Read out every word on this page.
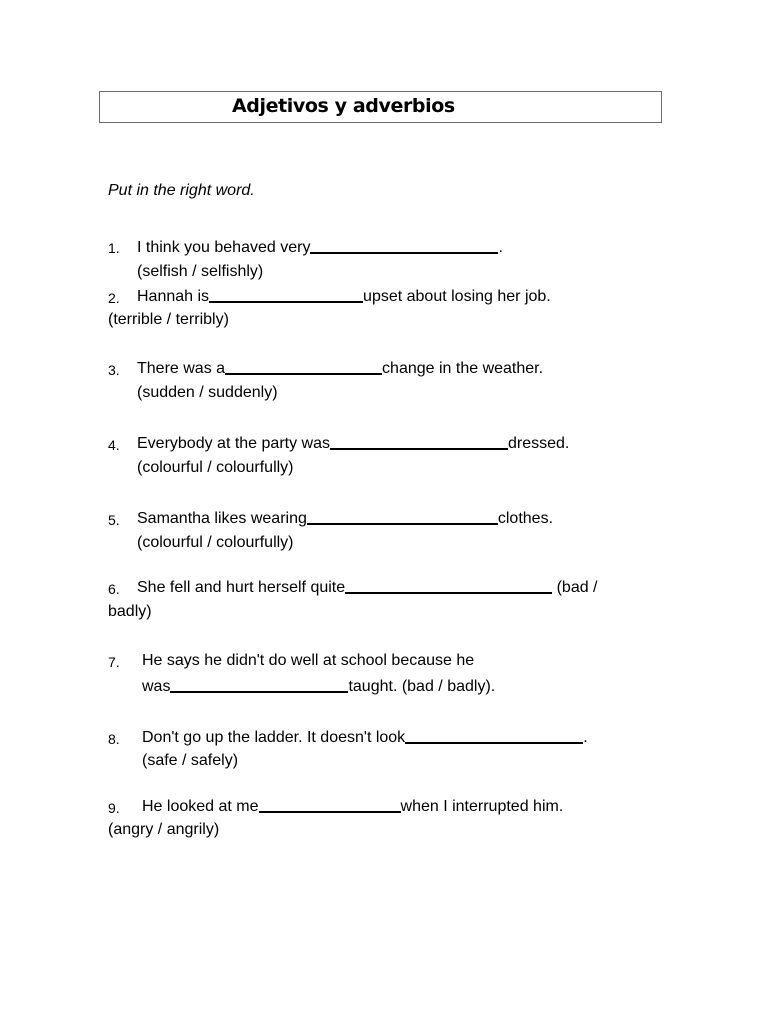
Adjetivos y adverbios
Put in the right word.
1. I think you behaved very	.
(selfish / selfishly)
2. Hannah is	upset about losing her job.
(terrible / terribly)
3. There was a	change in the weather.
(sudden / suddenly)
4. Everybody at the party was	dressed.
(colourful / colourfully)
5. Samantha likes wearing	clothes.
(colourful / colourfully)
6. She fell and hurt herself quite	(bad /
badly)
7. He says he didn't do well at school because he
was	taught. (bad / badly).
8. Don't go up the ladder. It doesn't look	.
(safe / safely)
9. He looked at me	when I interrupted him.
(angry / angrily)
